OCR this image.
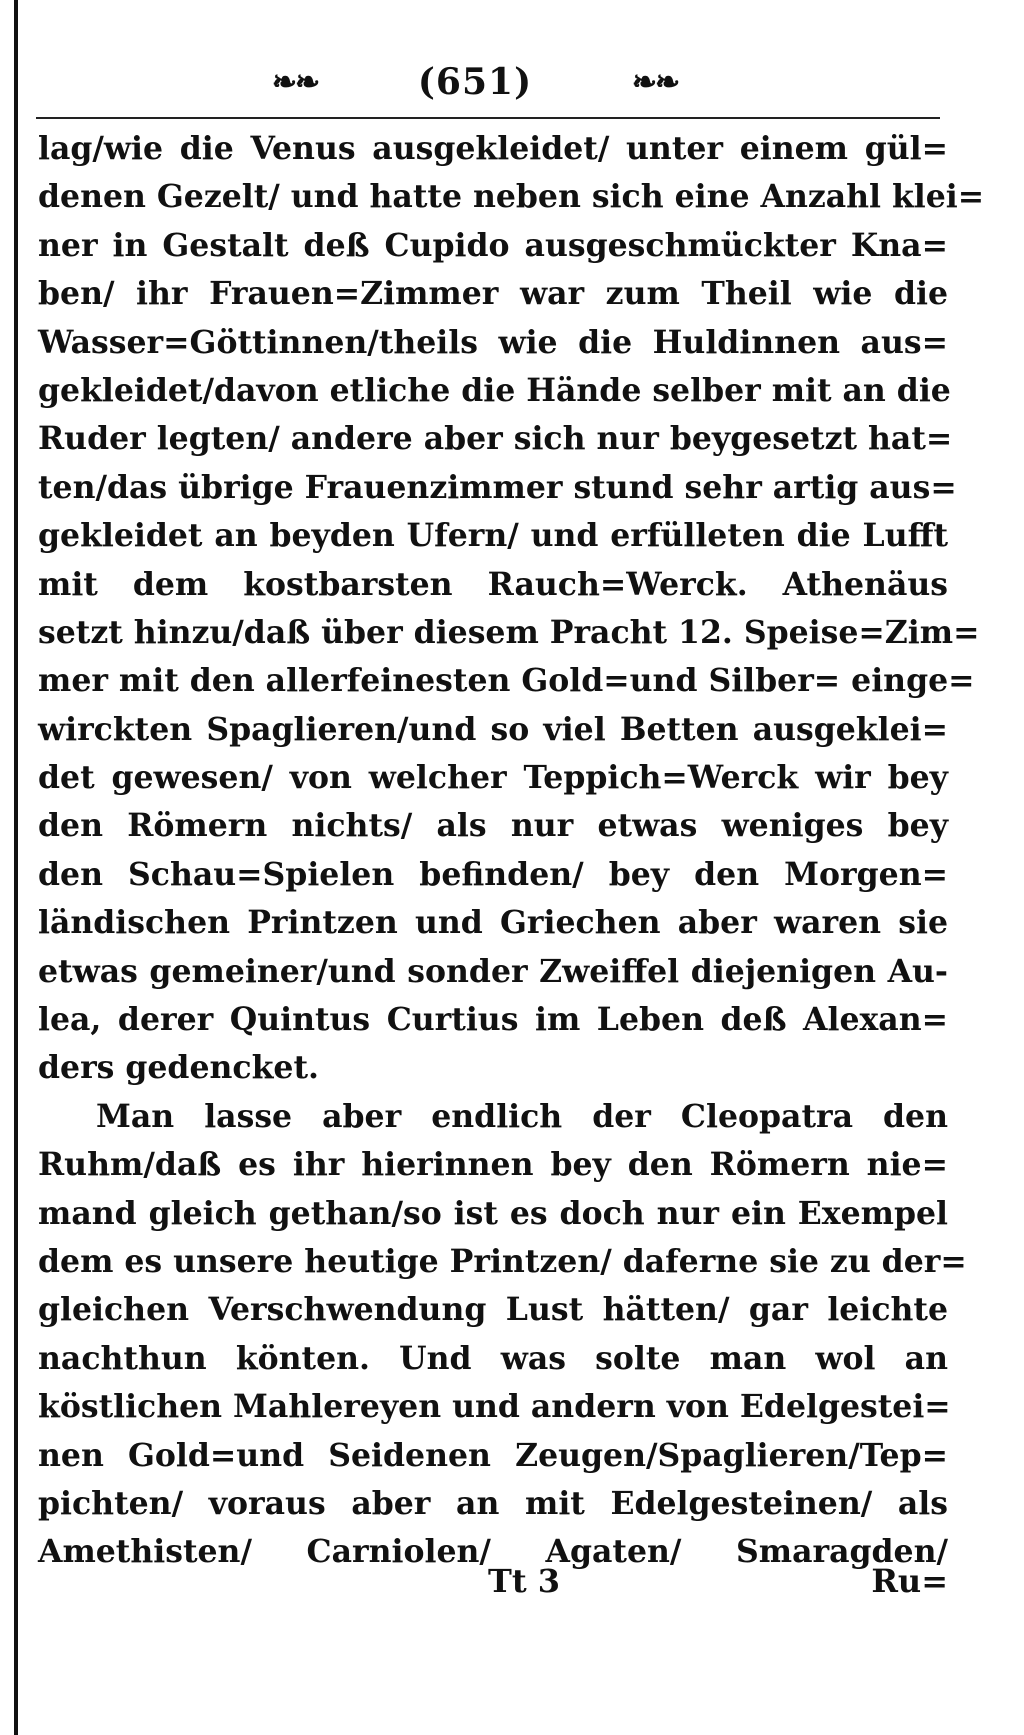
❧❧	(651)	❧❧
lag/wie die Venus ausgekleidet/ unter einem gül=
denen Gezelt/ und hatte neben sich eine Anzahl klei=
ner in Gestalt deß Cupido ausgeschmückter Kna=
ben/ ihr Frauen=Zimmer war zum Theil wie die
Wasser=Göttinnen/theils wie die Huldinnen aus=
gekleidet/davon etliche die Hände selber mit an die
Ruder legten/ andere aber sich nur beygesetzt hat=
ten/das übrige Frauenzimmer stund sehr artig aus=
gekleidet an beyden Ufern/ und erfülleten die Lufft
mit dem kostbarsten Rauch=Werck. Athenäus
setzt hinzu/daß über diesem Pracht 12. Speise=Zim=
mer mit den allerfeinesten Gold=und Silber= einge=
wirckten Spaglieren/und so viel Betten ausgeklei=
det gewesen/ von welcher Teppich=Werck wir bey
den Römern nichts/ als nur etwas weniges bey
den Schau=Spielen befinden/ bey den Morgen=
ländischen Printzen und Griechen aber waren sie
etwas gemeiner/und sonder Zweiffel diejenigen Au-
lea, derer Quintus Curtius im Leben deß Alexan=
ders gedencket.
Man lasse aber endlich der Cleopatra den
Ruhm/daß es ihr hierinnen bey den Römern nie=
mand gleich gethan/so ist es doch nur ein Exempel
dem es unsere heutige Printzen/ daferne sie zu der=
gleichen Verschwendung Lust hätten/ gar leichte
nachthun könten. Und was solte man wol an
köstlichen Mahlereyen und andern von Edelgestei=
nen Gold=und Seidenen Zeugen/Spaglieren/Tep=
pichten/ voraus aber an mit Edelgesteinen/ als
Amethisten/ Carniolen/ Agaten/ Smaragden/
Tt 3	Ru=
